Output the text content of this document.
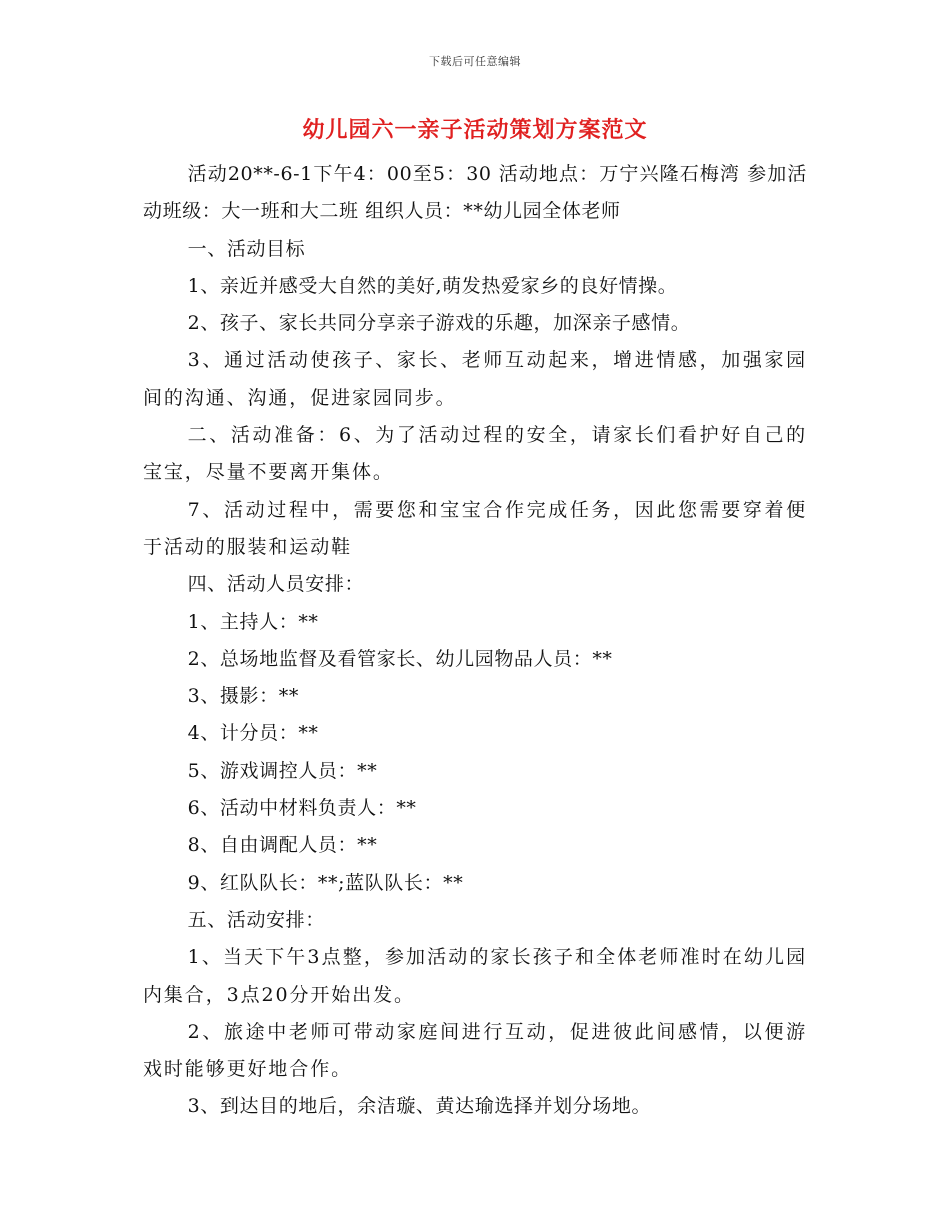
下载后可任意编辑
幼儿园六一亲子活动策划方案范文

活动20**-6-1下午4：00至5：30 活动地点：万宁兴隆石梅湾 参加活动班级：大一班和大二班 组织人员：**幼儿园全体老师

一、活动目标

1、亲近并感受大自然的美好,萌发热爱家乡的良好情操。

2、孩子、家长共同分享亲子游戏的乐趣，加深亲子感情。

3、通过活动使孩子、家长、老师互动起来，增进情感，加强家园间的沟通、沟通，促进家园同步。

二、活动准备：6、为了活动过程的安全，请家长们看护好自己的宝宝，尽量不要离开集体。

7、活动过程中，需要您和宝宝合作完成任务，因此您需要穿着便于活动的服装和运动鞋

四、活动人员安排：

1、主持人：**

2、总场地监督及看管家长、幼儿园物品人员：**

3、摄影：**

4、计分员：**

5、游戏调控人员：**

6、活动中材料负责人：**

8、自由调配人员：**

9、红队队长：**;蓝队队长：**

五、活动安排：

1、当天下午3点整，参加活动的家长孩子和全体老师准时在幼儿园内集合，3点20分开始出发。

2、旅途中老师可带动家庭间进行互动，促进彼此间感情，以便游戏时能够更好地合作。

3、到达目的地后，余洁璇、黄达瑜选择并划分场地。
